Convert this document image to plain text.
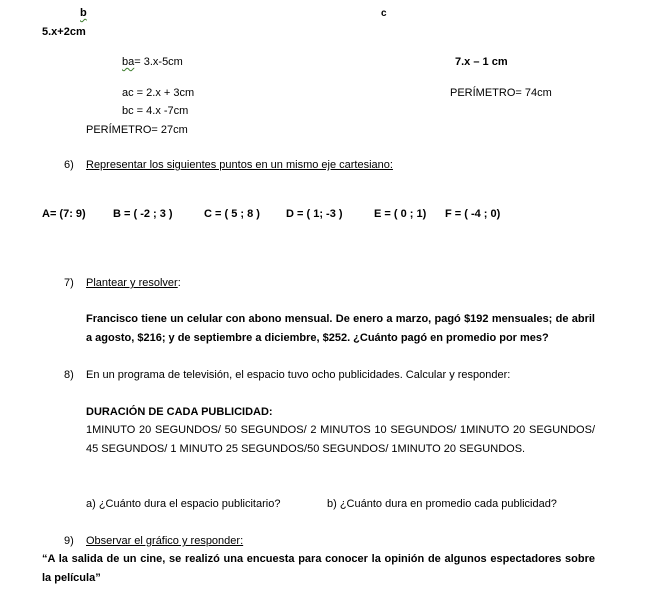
b	c
5.x+2cm
ba= 3.x-5cm	7.x – 1 cm
ac = 2.x + 3cm	PERÍMETRO= 74cm
bc = 4.x -7cm
PERÍMETRO= 27cm
6) Representar los siguientes puntos en un mismo eje cartesiano:
A= (7: 9) B = ( -2 ; 3 )	C = ( 5 ; 8 ) D = ( 1; -3 )	E = ( 0 ; 1) F = ( -4 ; 0)
7) Plantear y resolver:
Francisco tiene un celular con abono mensual. De enero a marzo, pagó $192 mensuales; de abril a agosto, $216; y de septiembre a diciembre, $252. ¿Cuánto pagó en promedio por mes?
8) En un programa de televisión, el espacio tuvo ocho publicidades. Calcular y responder:
DURACIÓN DE CADA PUBLICIDAD:
1MINUTO 20 SEGUNDOS/ 50 SEGUNDOS/ 2 MINUTOS 10 SEGUNDOS/ 1MINUTO 20 SEGUNDOS/ 45 SEGUNDOS/ 1 MINUTO 25 SEGUNDOS/50 SEGUNDOS/ 1MINUTO 20 SEGUNDOS.
a) ¿Cuánto dura el espacio publicitario?	b) ¿Cuánto dura en promedio cada publicidad?
9) Observar el gráfico y responder:
“A la salida de un cine, se realizó una encuesta para conocer la opinión de algunos espectadores sobre la película”
